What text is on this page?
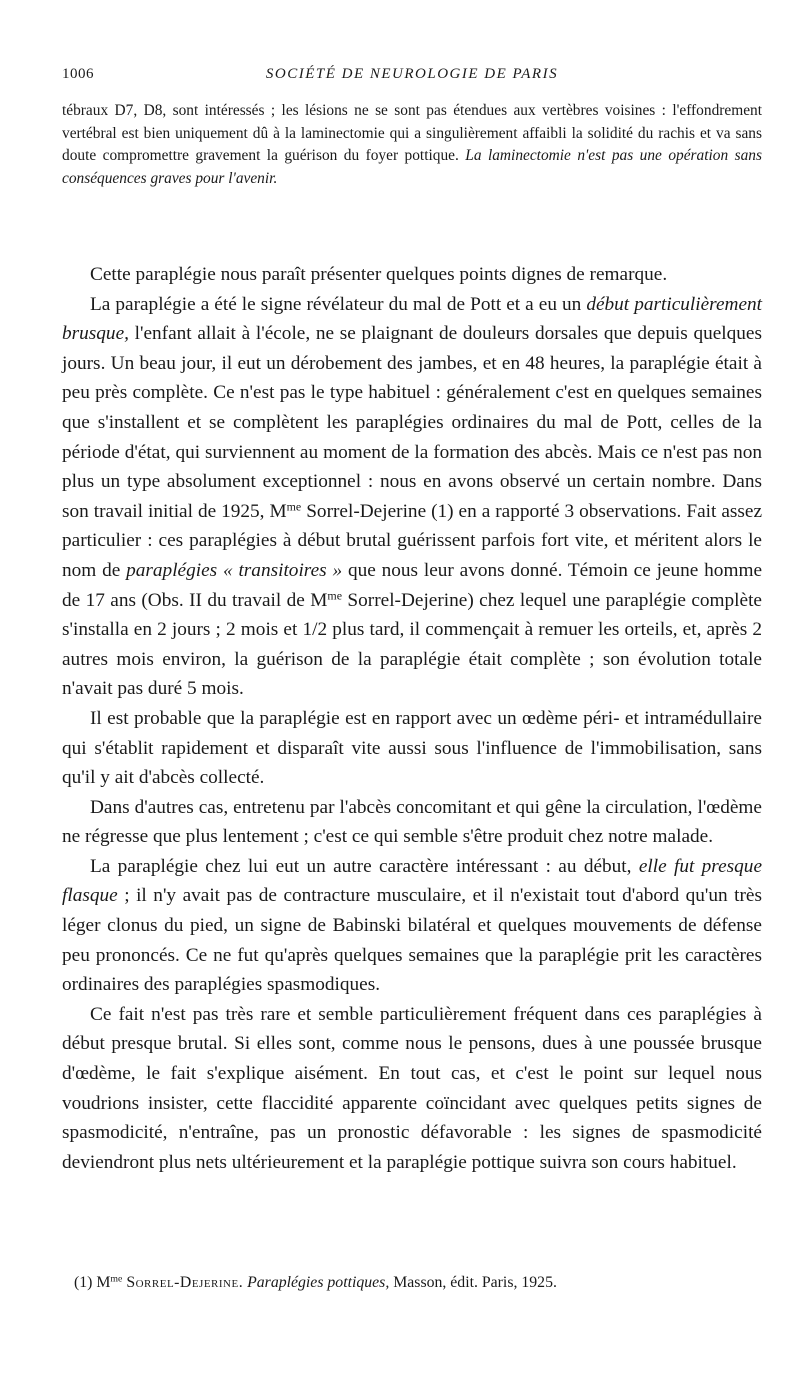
1006	SOCIÉTÉ DE NEUROLOGIE DE PARIS

tébraux D7, D8, sont intéressés ; les lésions ne se sont pas étendues aux vertèbres voisines : l'effondrement vertébral est bien uniquement dû à la laminectomie qui a singulièrement affaibli la solidité du rachis et va sans doute compromettre gravement la guérison du foyer pottique. La laminectomie n'est pas une opération sans conséquences graves pour l'avenir.

Cette paraplégie nous paraît présenter quelques points dignes de remarque.

La paraplégie a été le signe révélateur du mal de Pott et a eu un début particulièrement brusque, l'enfant allait à l'école, ne se plaignant de douleurs dorsales que depuis quelques jours. Un beau jour, il eut un dérobement des jambes, et en 48 heures, la paraplégie était à peu près complète. Ce n'est pas le type habituel : généralement c'est en quelques semaines que s'installent et se complètent les paraplégies ordinaires du mal de Pott, celles de la période d'état, qui surviennent au moment de la formation des abcès. Mais ce n'est pas non plus un type absolument exceptionnel : nous en avons observé un certain nombre. Dans son travail initial de 1925, $M^{me}$ Sorrel-Dejerine (1) en a rapporté 3 observations. Fait assez particulier : ces paraplégies à début brutal guérissent parfois fort vite, et méritent alors le nom de paraplégies « transitoires » que nous leur avons donné. Témoin ce jeune homme de 17 ans (Obs. II du travail de $M^{me}$ Sorrel-Dejerine) chez lequel une paraplégie complète s'installa en 2 jours ; 2 mois et 1/2 plus tard, il commençait à remuer les orteils, et, après 2 autres mois environ, la guérison de la paraplégie était complète ; son évolution totale n'avait pas duré 5 mois.

Il est probable que la paraplégie est en rapport avec un œdème péri- et intramédullaire qui s'établit rapidement et disparaît vite aussi sous l'influence de l'immobilisation, sans qu'il y ait d'abcès collecté.

Dans d'autres cas, entretenu par l'abcès concomitant et qui gêne la circulation, l'œdème ne régresse que plus lentement ; c'est ce qui semble s'être produit chez notre malade.

La paraplégie chez lui eut un autre caractère intéressant : au début, elle fut presque flasque ; il n'y avait pas de contracture musculaire, et il n'existait tout d'abord qu'un très léger clonus du pied, un signe de Babinski bilatéral et quelques mouvements de défense peu prononcés. Ce ne fut qu'après quelques semaines que la paraplégie prit les caractères ordinaires des paraplégies spasmodiques.

Ce fait n'est pas très rare et semble particulièrement fréquent dans ces paraplégies à début presque brutal. Si elles sont, comme nous le pensons, dues à une poussée brusque d'œdème, le fait s'explique aisément. En tout cas, et c'est le point sur lequel nous voudrions insister, cette flaccidité apparente coïncidant avec quelques petits signes de spasmodicité, n'entraîne, pas un pronostic défavorable : les signes de spasmodicité deviendront plus nets ultérieurement et la paraplégie pottique suivra son cours habituel.

(1) $M^{me}$ Sorrel-Dejerine. Paraplégies pottiques, Masson, édit. Paris, 1925.
